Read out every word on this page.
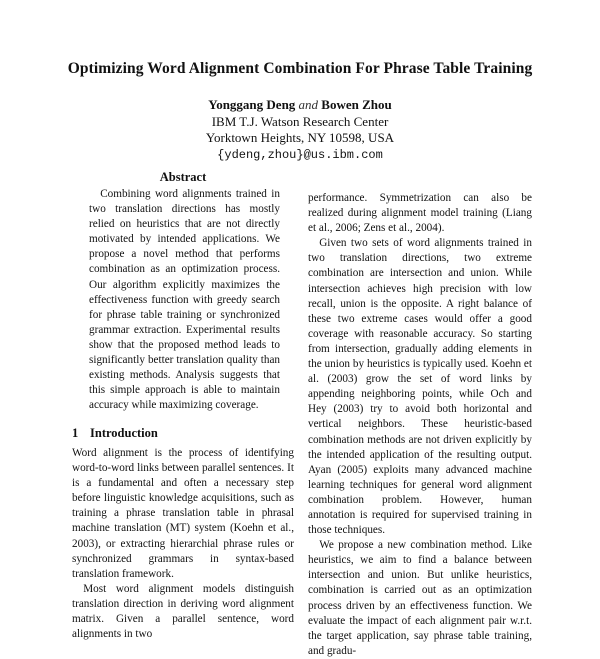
Optimizing Word Alignment Combination For Phrase Table Training
Yonggang Deng and Bowen Zhou
IBM T.J. Watson Research Center
Yorktown Heights, NY 10598, USA
{ydeng,zhou}@us.ibm.com
Abstract
Combining word alignments trained in two translation directions has mostly relied on heuristics that are not directly motivated by intended applications. We propose a novel method that performs combination as an optimization process. Our algorithm explicitly maximizes the effectiveness function with greedy search for phrase table training or synchronized grammar extraction. Experimental results show that the proposed method leads to significantly better translation quality than existing methods. Analysis suggests that this simple approach is able to maintain accuracy while maximizing coverage.
1 Introduction

Word alignment is the process of identifying word-to-word links between parallel sentences. It is a fundamental and often a necessary step before linguistic knowledge acquisitions, such as training a phrase translation table in phrasal machine translation (MT) system (Koehn et al., 2003), or extracting hierarchial phrase rules or synchronized grammars in syntax-based translation framework.

Most word alignment models distinguish translation direction in deriving word alignment matrix. Given a parallel sentence, word alignments in two

performance. Symmetrization can also be realized during alignment model training (Liang et al., 2006; Zens et al., 2004).

Given two sets of word alignments trained in two translation directions, two extreme combination are intersection and union. While intersection achieves high precision with low recall, union is the opposite. A right balance of these two extreme cases would offer a good coverage with reasonable accuracy. So starting from intersection, gradually adding elements in the union by heuristics is typically used. Koehn et al. (2003) grow the set of word links by appending neighboring points, while Och and Hey (2003) try to avoid both horizontal and vertical neighbors. These heuristic-based combination methods are not driven explicitly by the intended application of the resulting output. Ayan (2005) exploits many advanced machine learning techniques for general word alignment combination problem. However, human annotation is required for supervised training in those techniques.

We propose a new combination method. Like heuristics, we aim to find a balance between intersection and union. But unlike heuristics, combination is carried out as an optimization process driven by an effectiveness function. We evaluate the impact of each alignment pair w.r.t. the target application, say phrase table training, and gradu-
